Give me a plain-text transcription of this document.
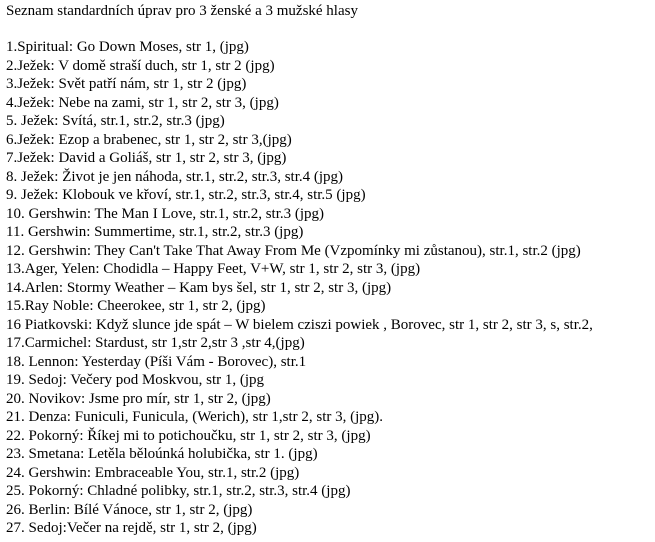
Seznam standardních úprav pro 3 ženské a 3 mužské hlasy
1.Spiritual: Go Down Moses, str 1, (jpg)
2.Ježek: V domě straší duch, str 1, str 2 (jpg)
3.Ježek: Svět patří nám, str 1, str 2 (jpg)
4.Ježek: Nebe na zami, str 1, str 2, str 3, (jpg)
5. Ježek: Svítá, str.1, str.2, str.3 (jpg)
6.Ježek: Ezop a brabenec, str 1, str 2, str 3,(jpg)
7.Ježek: David a Goliáš, str 1, str 2, str 3, (jpg)
8. Ježek: Život je jen náhoda, str.1, str.2, str.3, str.4 (jpg)
9. Ježek: Klobouk ve křoví, str.1, str.2, str.3, str.4, str.5 (jpg)
10. Gershwin: The Man I Love, str.1, str.2, str.3 (jpg)
11. Gershwin: Summertime, str.1, str.2, str.3 (jpg)
12. Gershwin: They Can't Take That Away From Me (Vzpomínky mi zůstanou), str.1, str.2 (jpg)
13.Ager, Yelen: Chodidla – Happy Feet, V+W, str 1, str 2, str 3, (jpg)
14.Arlen: Stormy Weather – Kam bys šel, str 1, str 2, str 3, (jpg)
15.Ray Noble: Cheerokee, str 1, str 2, (jpg)
16 Piatkovski: Když slunce jde spát – W bielem cziszi powiek , Borovec, str 1, str 2, str 3, s, str.2,
17.Carmichel: Stardust, str 1,str 2,str 3 ,str 4,(jpg)
18. Lennon: Yesterday (Píši Vám - Borovec), str.1
19. Sedoj: Večery pod Moskvou, str 1, (jpg
20. Novikov: Jsme pro mír, str 1, str 2, (jpg)
21. Denza: Funiculi, Funicula, (Werich), str 1,str 2, str 3, (jpg).
22. Pokorný: Říkej mi to potichoučku, str 1, str 2, str 3, (jpg)
23. Smetana: Letěla běloúnká holubička, str 1. (jpg)
24. Gershwin: Embraceable You, str.1, str.2 (jpg)
25. Pokorný: Chladné polibky, str.1, str.2, str.3, str.4 (jpg)
26. Berlin: Bílé Vánoce, str 1, str 2, (jpg)
27. Sedoj:Večer na rejdě, str 1, str 2, (jpg)
